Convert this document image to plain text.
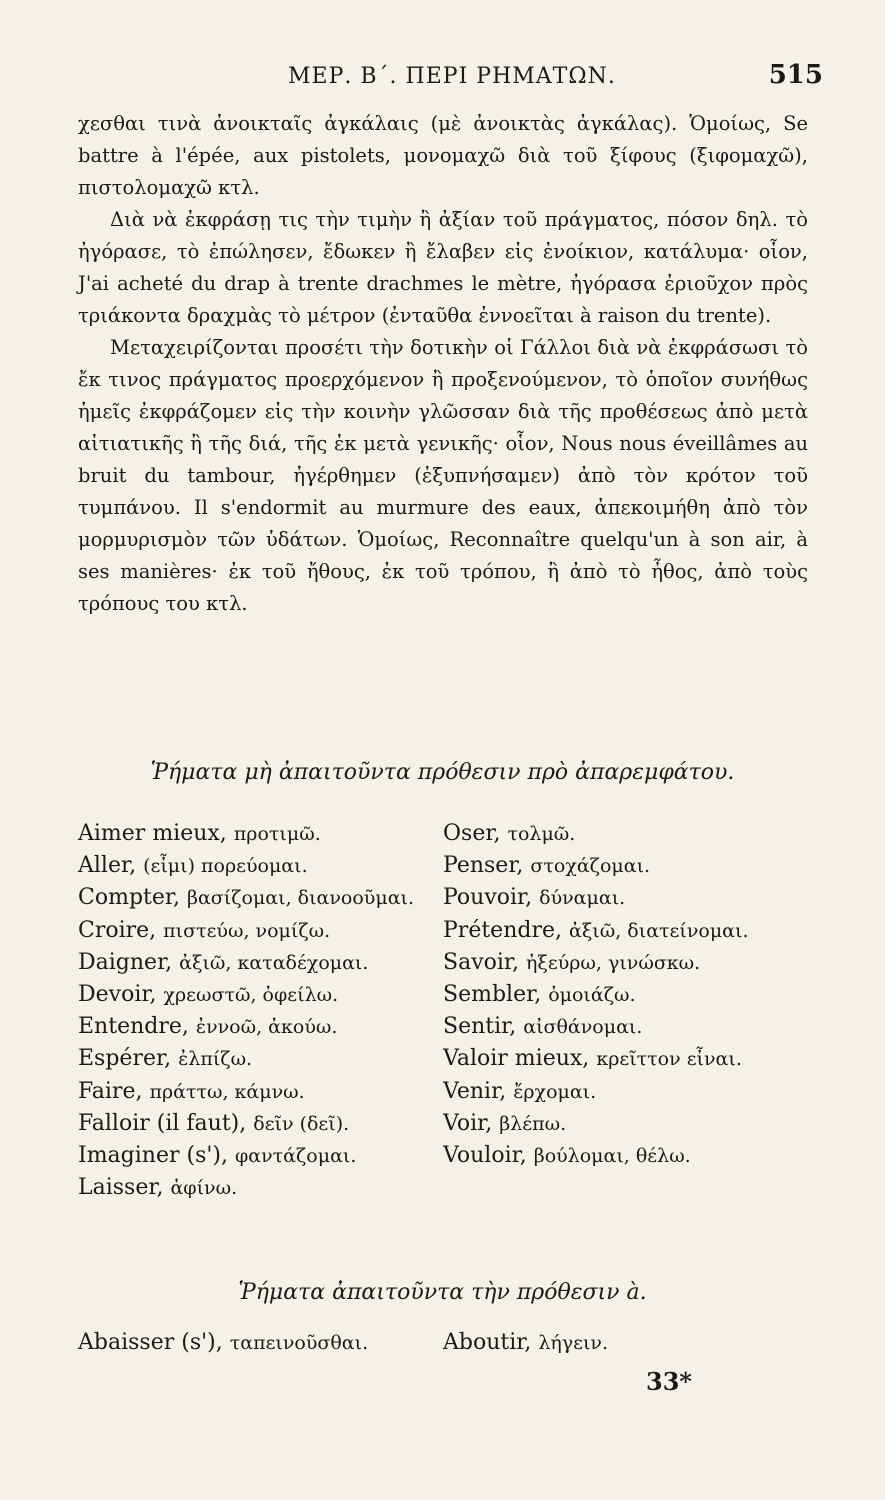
ΜΕΡ. Β΄. ΠΕΡΙ ΡΗΜΑΤΩΝ.	515

χεσθαι τινὰ ἀνοικταῖς ἀγκάλαις (μὲ ἀνοικτὰς ἀγκάλας). Ὁμοίως, Se battre à l'épée, aux pistolets, μονομαχῶ διὰ τοῦ ξίφους (ξιφομαχῶ), πιστολομαχῶ κτλ.

Διὰ νὰ ἐκφράσῃ τις τὴν τιμὴν ἢ ἀξίαν τοῦ πράγματος, πόσον δηλ. τὸ ἠγόρασε, τὸ ἐπώλησεν, ἔδωκεν ἢ ἔλαβεν εἰς ἐνοίκιον, κατάλυμα· οἷον, J'ai acheté du drap à trente drachmes le mètre, ἠγόρασα ἐριοῦχον πρὸς τριάκοντα δραχμὰς τὸ μέτρον (ἐνταῦθα ἐννοεῖται à raison du trente).

Μεταχειρίζονται προσέτι τὴν δοτικὴν οἱ Γάλλοι διὰ νὰ ἐκφράσωσι τὸ ἔκ τινος πράγματος προερχόμενον ἢ προξενούμενον, τὸ ὁποῖον συνήθως ἡμεῖς ἐκφράζομεν εἰς τὴν κοινὴν γλῶσσαν διὰ τῆς προθέσεως ἀπὸ μετὰ αἰτιατικῆς ἢ τῆς διά, τῆς ἐκ μετὰ γενικῆς· οἷον, Nous nous éveillâmes au bruit du tambour, ἠγέρθημεν (ἐξυπνήσαμεν) ἀπὸ τὸν κρότον τοῦ τυμπάνου. Il s'endormit au murmure des eaux, ἀπεκοιμήθη ἀπὸ τὸν μορμυρισμὸν τῶν ὑδάτων. Ὁμοίως, Reconnaître quelqu'un à son air, à ses manières· ἐκ τοῦ ἤθους, ἐκ τοῦ τρόπου, ἢ ἀπὸ τὸ ἦθος, ἀπὸ τοὺς τρόπους του κτλ.

Ῥήματα μὴ ἀπαιτοῦντα πρόθεσιν πρὸ ἀπαρεμφάτου.
Aimer mieux, προτιμῶ.
Aller, (εἶμι) πορεύομαι.
Compter, βασίζομαι, διανοοῦμαι.
Croire, πιστεύω, νομίζω.
Daigner, ἀξιῶ, καταδέχομαι.
Devoir, χρεωστῶ, ὀφείλω.
Entendre, ἐννοῶ, ἀκούω.
Espérer, ἐλπίζω.
Faire, πράττω, κάμνω.
Falloir (il faut), δεῖν (δεῖ).
Imaginer (s'), φαντάζομαι.
Laisser, ἀφίνω.
Oser, τολμῶ.
Penser, στοχάζομαι.
Pouvoir, δύναμαι.
Prétendre, ἀξιῶ, διατείνομαι.
Savoir, ἠξεύρω, γινώσκω.
Sembler, ὁμοιάζω.
Sentir, αἰσθάνομαι.
Valoir mieux, κρεῖττον εἶναι.
Venir, ἔρχομαι.
Voir, βλέπω.
Vouloir, βούλομαι, θέλω.
Ῥήματα ἀπαιτοῦντα τὴν πρόθεσιν à.
Abaisser (s'), ταπεινοῦσθαι.	Aboutir, λήγειν.
33*
